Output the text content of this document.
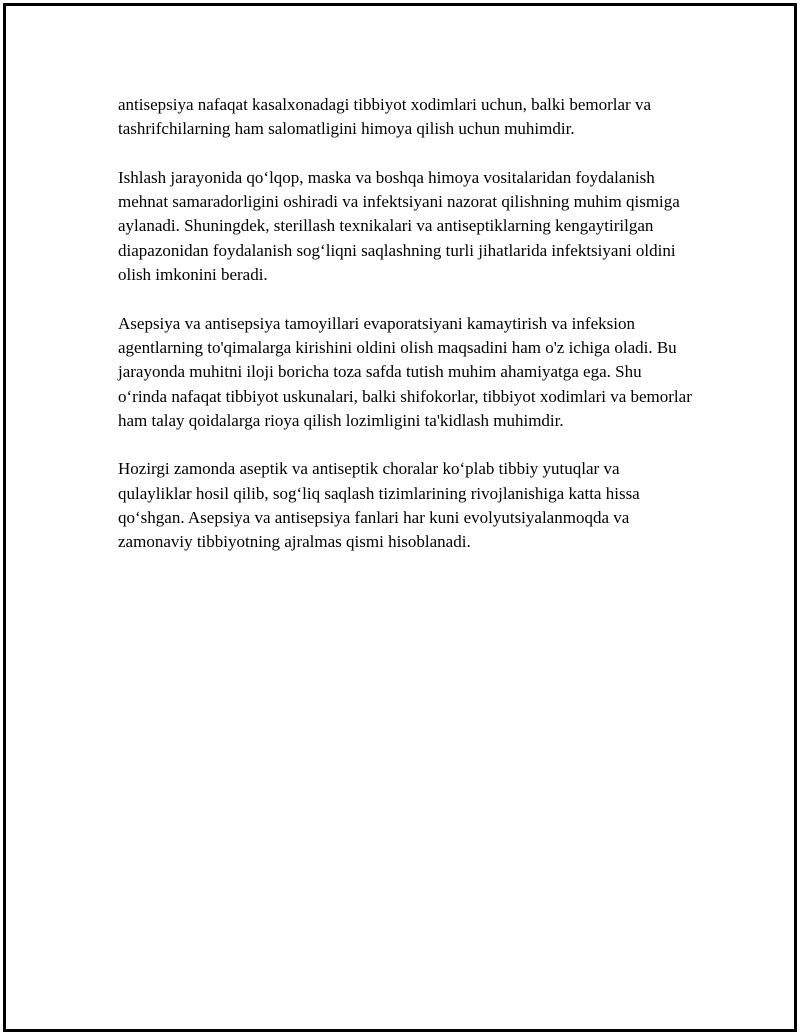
antisepsiya nafaqat kasalxonadagi tibbiyot xodimlari uchun, balki bemorlar va tashrifchilarning ham salomatligini himoya qilish uchun muhimdir.

Ishlash jarayonida qo‘lqop, maska va boshqa himoya vositalaridan foydalanish mehnat samaradorligini oshiradi va infektsiyani nazorat qilishning muhim qismiga aylanadi. Shuningdek, sterillash texnikalari va antiseptiklarning kengaytirilgan diapazonidan foydalanish sog‘liqni saqlashning turli jihatlarida infektsiyani oldini olish imkonini beradi.

Asepsiya va antisepsiya tamoyillari evaporatsiyani kamaytirish va infeksion agentlarning to'qimalarga kirishini oldini olish maqsadini ham o'z ichiga oladi. Bu jarayonda muhitni iloji boricha toza safda tutish muhim ahamiyatga ega. Shu o‘rinda nafaqat tibbiyot uskunalari, balki shifokorlar, tibbiyot xodimlari va bemorlar ham talay qoidalarga rioya qilish lozimligini ta'kidlash muhimdir.

Hozirgi zamonda aseptik va antiseptik choralar ko‘plab tibbiy yutuqlar va qulayliklar hosil qilib, sog‘liq saqlash tizimlarining rivojlanishiga katta hissa qo‘shgan. Asepsiya va antisepsiya fanlari har kuni evolyutsiyalanmoqda va zamonaviy tibbiyotning ajralmas qismi hisoblanadi.
